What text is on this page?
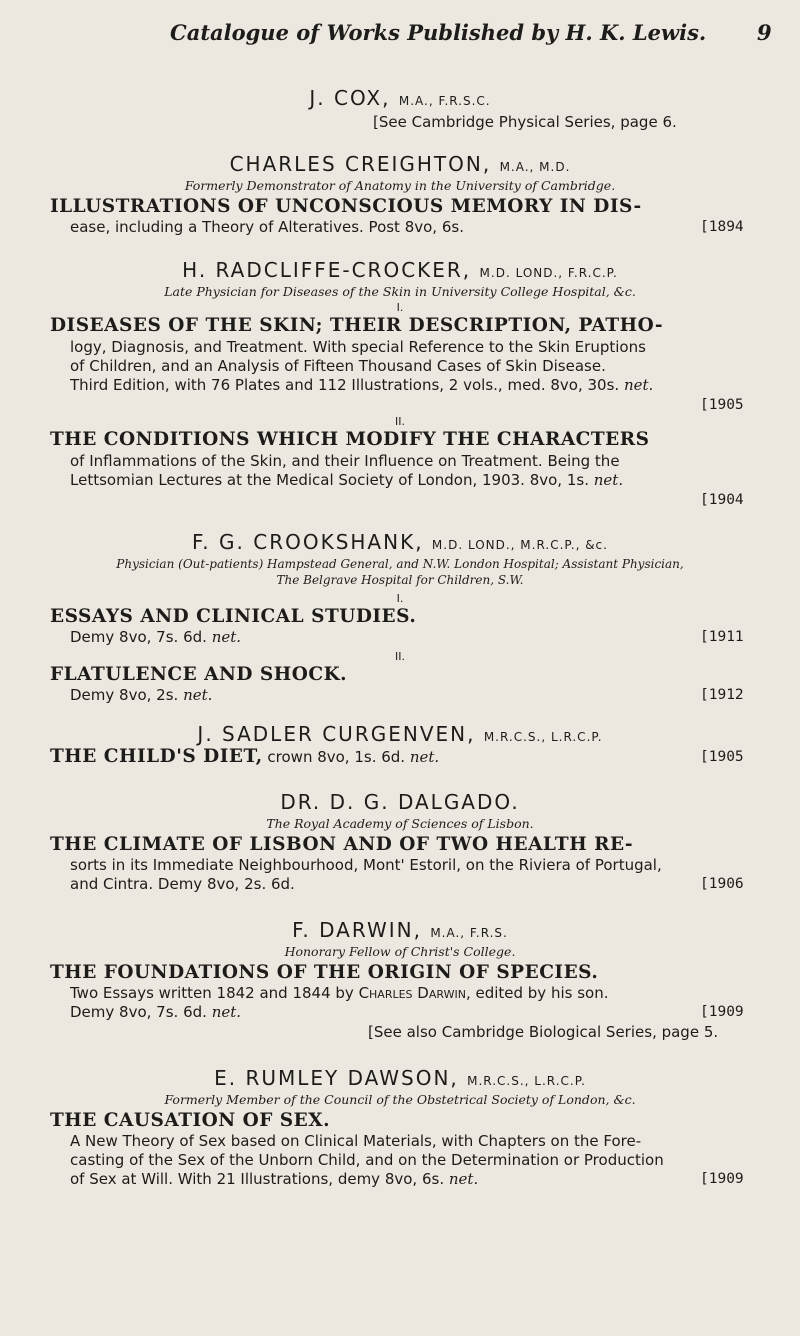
Catalogue of Works Published by H. K. Lewis. 9
J. COX, M.A., F.R.S.C.
[See Cambridge Physical Series, page 6.
CHARLES CREIGHTON, M.A., M.D.
Formerly Demonstrator of Anatomy in the University of Cambridge.
ILLUSTRATIONS OF UNCONSCIOUS MEMORY IN DIS-
ease, including a Theory of Alteratives. Post 8vo, 6s.	[1894
H. RADCLIFFE-CROCKER, M.D. LOND., F.R.C.P.
Late Physician for Diseases of the Skin in University College Hospital, &c.
I.
DISEASES OF THE SKIN; THEIR DESCRIPTION, PATHO-
logy, Diagnosis, and Treatment. With special Reference to the Skin Eruptions
of Children, and an Analysis of Fifteen Thousand Cases of Skin Disease.
Third Edition, with 76 Plates and 112 Illustrations, 2 vols., med. 8vo, 30s. net.
[1905
II.
THE CONDITIONS WHICH MODIFY THE CHARACTERS
of Inflammations of the Skin, and their Influence on Treatment. Being the
Lettsomian Lectures at the Medical Society of London, 1903. 8vo, 1s. net.
[1904
F. G. CROOKSHANK, M.D. LOND., M.R.C.P., &c.
Physician (Out-patients) Hampstead General, and N.W. London Hospital; Assistant Physician,
The Belgrave Hospital for Children, S.W.
I.
ESSAYS AND CLINICAL STUDIES.
Demy 8vo, 7s. 6d. net.	[1911
II.
FLATULENCE AND SHOCK.
Demy 8vo, 2s. net.	[1912
J. SADLER CURGENVEN, M.R.C.S., L.R.C.P.
THE CHILD'S DIET, crown 8vo, 1s. 6d. net.	[1905
DR. D. G. DALGADO.
The Royal Academy of Sciences of Lisbon.
THE CLIMATE OF LISBON AND OF TWO HEALTH RE-
sorts in its Immediate Neighbourhood, Mont' Estoril, on the Riviera of Portugal,
and Cintra. Demy 8vo, 2s. 6d.	[1906
F. DARWIN, M.A., F.R.S.
Honorary Fellow of Christ's College.
THE FOUNDATIONS OF THE ORIGIN OF SPECIES.
Two Essays written 1842 and 1844 by Charles Darwin, edited by his son.
Demy 8vo, 7s. 6d. net.	[1909
[See also Cambridge Biological Series, page 5.
E. RUMLEY DAWSON, M.R.C.S., L.R.C.P.
Formerly Member of the Council of the Obstetrical Society of London, &c.
THE CAUSATION OF SEX.
A New Theory of Sex based on Clinical Materials, with Chapters on the Fore-
casting of the Sex of the Unborn Child, and on the Determination or Production
of Sex at Will. With 21 Illustrations, demy 8vo, 6s. net.	[1909
